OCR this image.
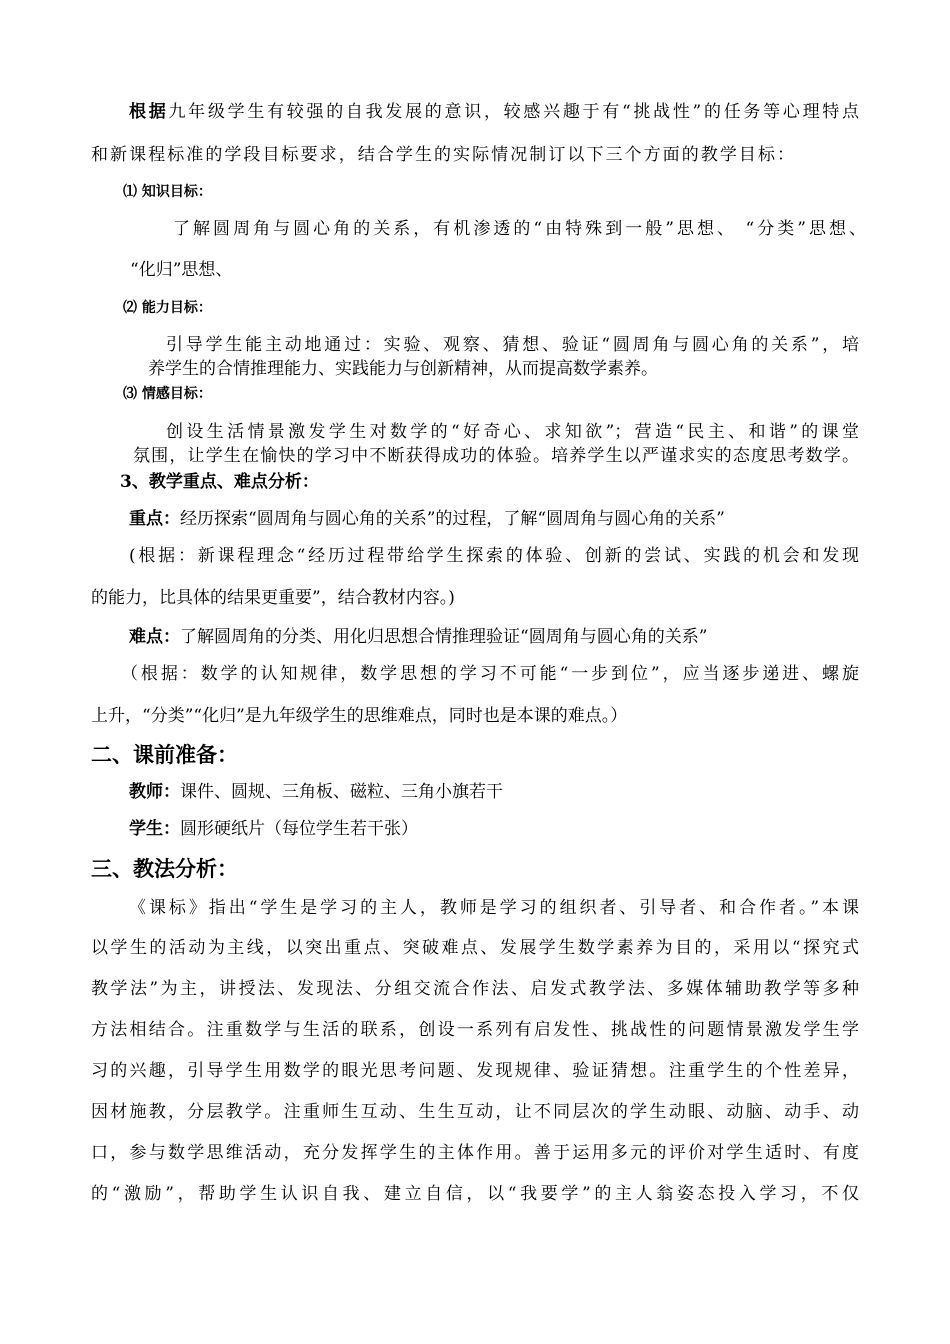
根据九年级学生有较强的自我发展的意识，较感兴趣于有“挑战性”的任务等心理特点
和新课程标准的学段目标要求，结合学生的实际情况制订以下三个方面的教学目标：
⑴ 知识目标：
了解圆周角与圆心角的关系，有机渗透的“由特殊到一般”思想、 “分类”思想、
“化归”思想、
⑵ 能力目标：
引导学生能主动地通过：实验、观察、猜想、验证“圆周角与圆心角的关系”，培
养学生的合情推理能力、实践能力与创新精神，从而提高数学素养。
⑶ 情感目标：
创设生活情景激发学生对数学的“好奇心、求知欲”；营造“民主、和谐”的课堂
氛围，让学生在愉快的学习中不断获得成功的体验。培养学生以严谨求实的态度思考数学。
3、教学重点、难点分析：
重点：经历探索“圆周角与圆心角的关系”的过程，了解“圆周角与圆心角的关系”
(根据：新课程理念“经历过程带给学生探索的体验、创新的尝试、实践的机会和发现
的能力，比具体的结果更重要”，结合教材内容。)
难点：了解圆周角的分类、用化归思想合情推理验证“圆周角与圆心角的关系”
（根据：数学的认知规律，数学思想的学习不可能“一步到位”，应当逐步递进、螺旋
上升，“分类”“化归”是九年级学生的思维难点，同时也是本课的难点。）
二、课前准备：
教师：课件、圆规、三角板、磁粒、三角小旗若干
学生：圆形硬纸片（每位学生若干张）
三、教法分析：
《课标》指出“学生是学习的主人，教师是学习的组织者、引导者、和合作者。”本课
以学生的活动为主线，以突出重点、突破难点、发展学生数学素养为目的，采用以“探究式
教学法”为主，讲授法、发现法、分组交流合作法、启发式教学法、多媒体辅助教学等多种
方法相结合。注重数学与生活的联系，创设一系列有启发性、挑战性的问题情景激发学生学
习的兴趣，引导学生用数学的眼光思考问题、发现规律、验证猜想。注重学生的个性差异，
因材施教，分层教学。注重师生互动、生生互动，让不同层次的学生动眼、动脑、动手、动
口，参与数学思维活动，充分发挥学生的主体作用。善于运用多元的评价对学生适时、有度
的“激励”，帮助学生认识自我、建立自信，以“我要学”的主人翁姿态投入学习，不仅
